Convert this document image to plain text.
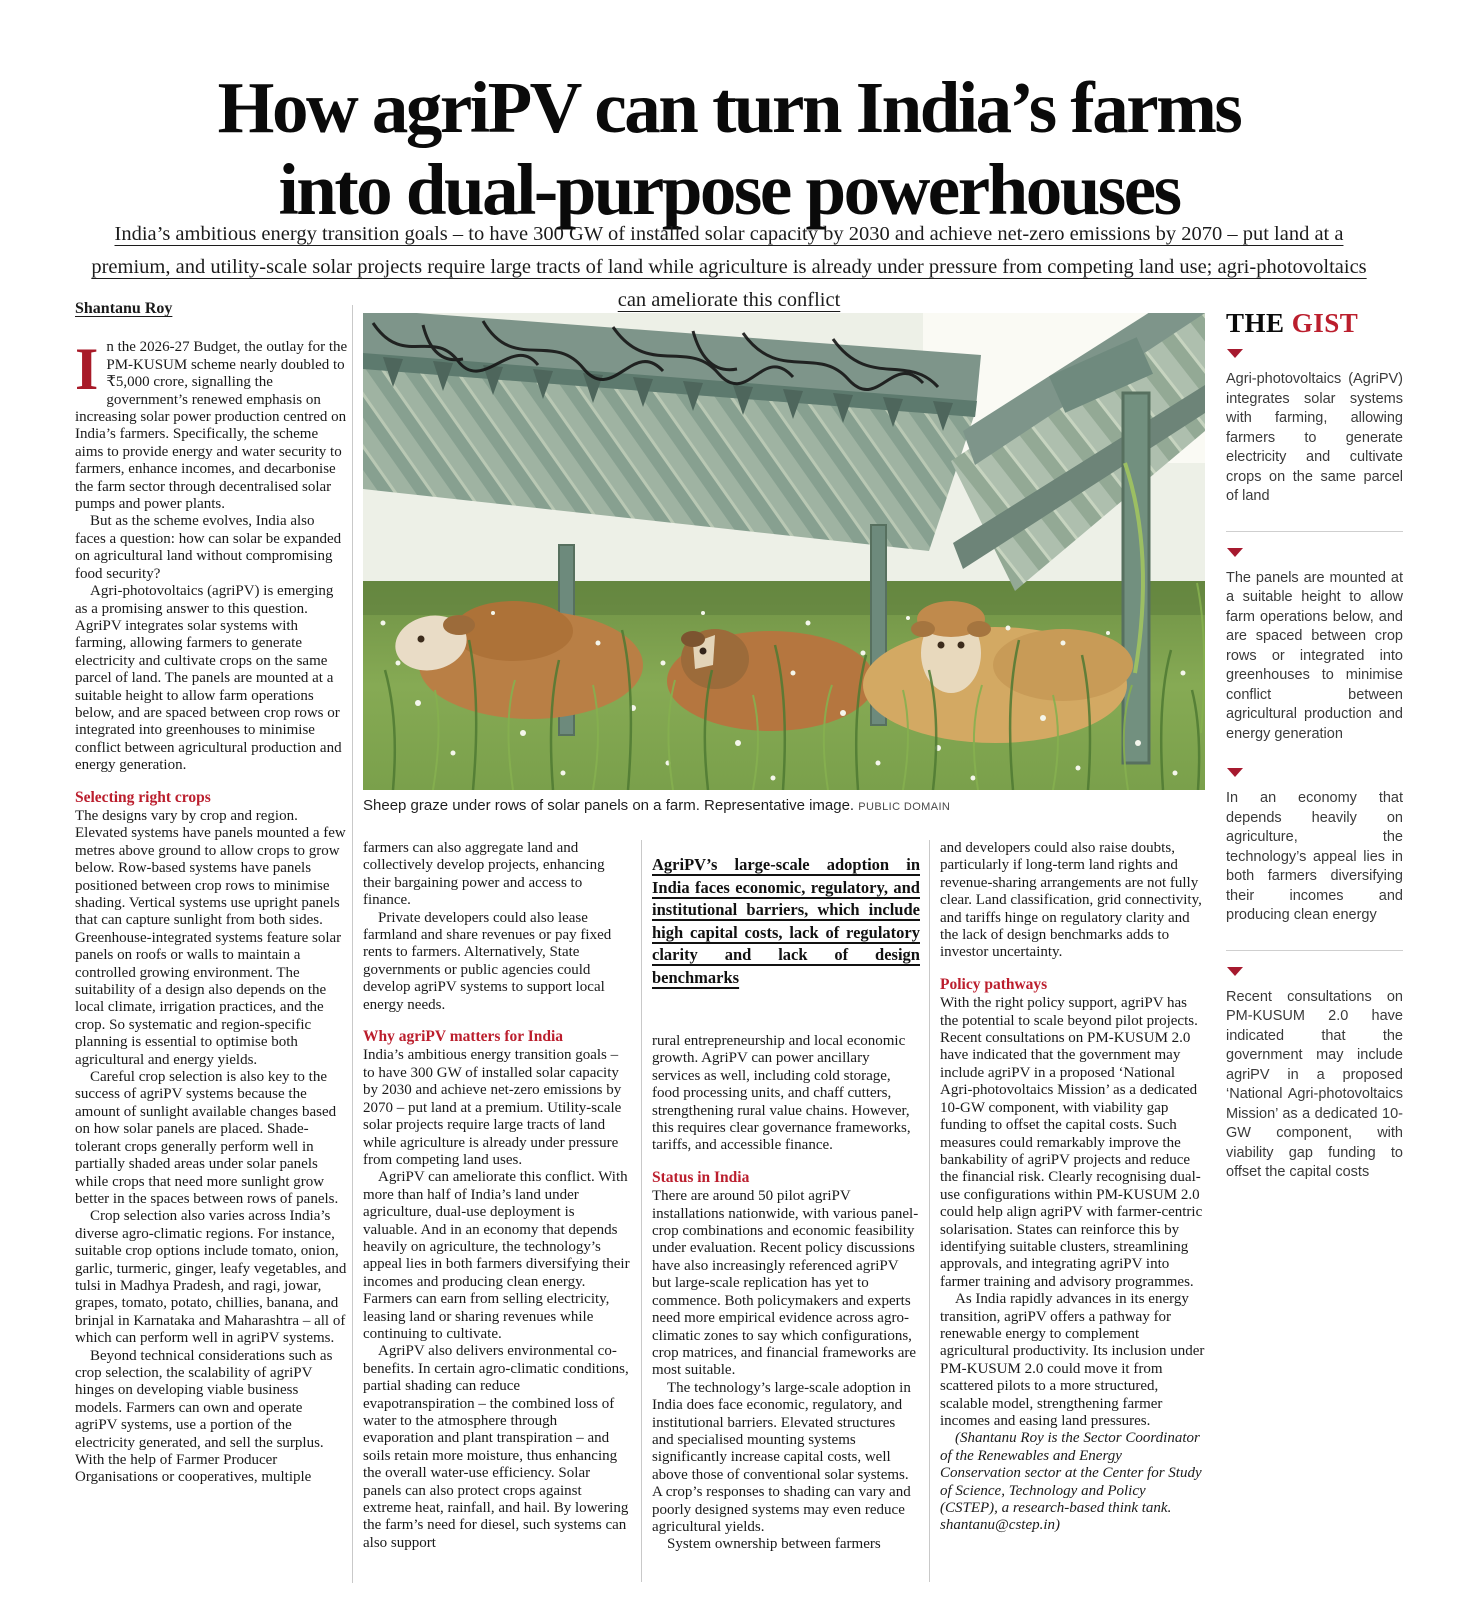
How agriPV can turn India’s farms
into dual-purpose powerhouses
India’s ambitious energy transition goals – to have 300 GW of installed solar capacity by 2030 and achieve net-zero emissions by 2070 – put land at a premium, and utility-scale solar projects require large tracts of land while agriculture is already under pressure from competing land use; agri-photovoltaics can ameliorate this conflict

Shantanu Roy

In the 2026-27 Budget, the outlay for the PM-KUSUM scheme nearly doubled to ₹5,000 crore, signalling the government’s renewed emphasis on increasing solar power production centred on India’s farmers. Specifically, the scheme aims to provide energy and water security to farmers, enhance incomes, and decarbonise the farm sector through decentralised solar pumps and power plants.

But as the scheme evolves, India also faces a question: how can solar be expanded on agricultural land without compromising food security?

Agri-photovoltaics (agriPV) is emerging as a promising answer to this question. AgriPV integrates solar systems with farming, allowing farmers to generate electricity and cultivate crops on the same parcel of land. The panels are mounted at a suitable height to allow farm operations below, and are spaced between crop rows or integrated into greenhouses to minimise conflict between agricultural production and energy generation.

Selecting right crops

The designs vary by crop and region. Elevated systems have panels mounted a few metres above ground to allow crops to grow below. Row-based systems have panels positioned between crop rows to minimise shading. Vertical systems use upright panels that can capture sunlight from both sides. Greenhouse-integrated systems feature solar panels on roofs or walls to maintain a controlled growing environment. The suitability of a design also depends on the local climate, irrigation practices, and the crop. So systematic and region-specific planning is essential to optimise both agricultural and energy yields.

Careful crop selection is also key to the success of agriPV systems because the amount of sunlight available changes based on how solar panels are placed. Shade-tolerant crops generally perform well in partially shaded areas under solar panels while crops that need more sunlight grow better in the spaces between rows of panels.

Crop selection also varies across India’s diverse agro-climatic regions. For instance, suitable crop options include tomato, onion, garlic, turmeric, ginger, leafy vegetables, and tulsi in Madhya Pradesh, and ragi, jowar, grapes, tomato, potato, chillies, banana, and brinjal in Karnataka and Maharashtra – all of which can perform well in agriPV systems.

Beyond technical considerations such as crop selection, the scalability of agriPV hinges on developing viable business models. Farmers can own and operate agriPV systems, use a portion of the electricity generated, and sell the surplus. With the help of Farmer Producer Organisations or cooperatives, multiple

Sheep graze under rows of solar panels on a farm. Representative image. PUBLIC DOMAIN

farmers can also aggregate land and collectively develop projects, enhancing their bargaining power and access to finance.

Private developers could also lease farmland and share revenues or pay fixed rents to farmers. Alternatively, State governments or public agencies could develop agriPV systems to support local energy needs.

Why agriPV matters for India

India’s ambitious energy transition goals – to have 300 GW of installed solar capacity by 2030 and achieve net-zero emissions by 2070 – put land at a premium. Utility-scale solar projects require large tracts of land while agriculture is already under pressure from competing land uses.

AgriPV can ameliorate this conflict. With more than half of India’s land under agriculture, dual-use deployment is valuable. And in an economy that depends heavily on agriculture, the technology’s appeal lies in both farmers diversifying their incomes and producing clean energy. Farmers can earn from selling electricity, leasing land or sharing revenues while continuing to cultivate.

AgriPV also delivers environmental co-benefits. In certain agro-climatic conditions, partial shading can reduce evapotranspiration – the combined loss of water to the atmosphere through evaporation and plant transpiration – and soils retain more moisture, thus enhancing the overall water-use efficiency. Solar panels can also protect crops against extreme heat, rainfall, and hail. By lowering the farm’s need for diesel, such systems can also support

AgriPV’s large-scale adoption in India faces economic, regulatory, and institutional barriers, which include high capital costs, lack of regulatory clarity and lack of design benchmarks

rural entrepreneurship and local economic growth. AgriPV can power ancillary services as well, including cold storage, food processing units, and chaff cutters, strengthening rural value chains. However, this requires clear governance frameworks, tariffs, and accessible finance.

Status in India

There are around 50 pilot agriPV installations nationwide, with various panel-crop combinations and economic feasibility under evaluation. Recent policy discussions have also increasingly referenced agriPV but large-scale replication has yet to commence. Both policymakers and experts need more empirical evidence across agro-climatic zones to say which configurations, crop matrices, and financial frameworks are most suitable.

The technology’s large-scale adoption in India does face economic, regulatory, and institutional barriers. Elevated structures and specialised mounting systems significantly increase capital costs, well above those of conventional solar systems. A crop’s responses to shading can vary and poorly designed systems may even reduce agricultural yields.

System ownership between farmers

and developers could also raise doubts, particularly if long-term land rights and revenue-sharing arrangements are not fully clear. Land classification, grid connectivity, and tariffs hinge on regulatory clarity and the lack of design benchmarks adds to investor uncertainty.

Policy pathways

With the right policy support, agriPV has the potential to scale beyond pilot projects. Recent consultations on PM-KUSUM 2.0 have indicated that the government may include agriPV in a proposed ‘National Agri-photovoltaics Mission’ as a dedicated 10-GW component, with viability gap funding to offset the capital costs. Such measures could remarkably improve the bankability of agriPV projects and reduce the financial risk. Clearly recognising dual-use configurations within PM-KUSUM 2.0 could help align agriPV with farmer-centric solarisation. States can reinforce this by identifying suitable clusters, streamlining approvals, and integrating agriPV into farmer training and advisory programmes.

As India rapidly advances in its energy transition, agriPV offers a pathway for renewable energy to complement agricultural productivity. Its inclusion under PM-KUSUM 2.0 could move it from scattered pilots to a more structured, scalable model, strengthening farmer incomes and easing land pressures.

(Shantanu Roy is the Sector Coordinator of the Renewables and Energy Conservation sector at the Center for Study of Science, Technology and Policy (CSTEP), a research-based think tank. shantanu@cstep.in)

THE GIST
Agri-photovoltaics (AgriPV) integrates solar systems with farming, allowing farmers to generate electricity and cultivate crops on the same parcel of land
The panels are mounted at a suitable height to allow farm operations below, and are spaced between crop rows or integrated into greenhouses to minimise conflict between agricultural production and energy generation
In an economy that depends heavily on agriculture, the technology’s appeal lies in both farmers diversifying their incomes and producing clean energy
Recent consultations on PM-KUSUM 2.0 have indicated that the government may include agriPV in a proposed ‘National Agri-photovoltaics Mission’ as a dedicated 10-GW component, with viability gap funding to offset the capital costs
